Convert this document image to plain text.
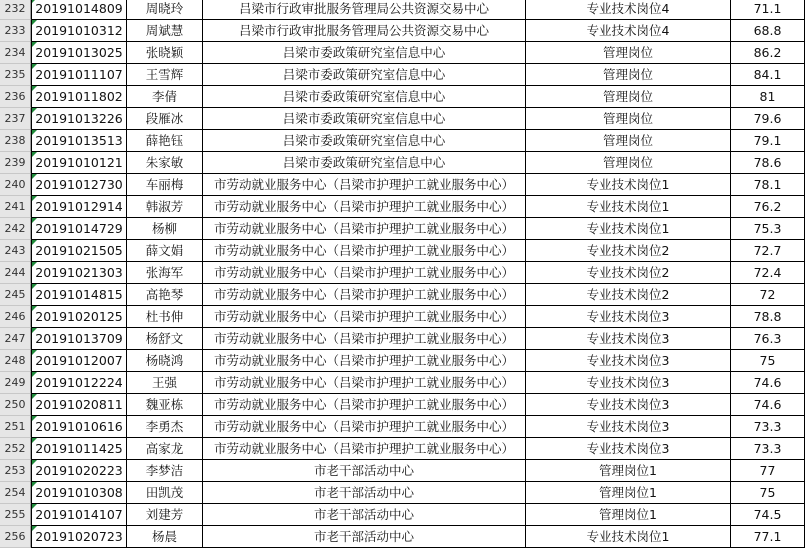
232 20191014809	周晓玲	吕梁市行政审批服务管理局公共资源交易中心	专业技术岗位4	71.1
233 20191010312	周斌慧	吕梁市行政审批服务管理局公共资源交易中心	专业技术岗位4	68.8
234 20191013025	张晓颖	吕梁市委政策研究室信息中心	管理岗位	86.2
235 20191011107	王雪辉	吕梁市委政策研究室信息中心	管理岗位	84.1
236 20191011802	李倩	吕梁市委政策研究室信息中心	管理岗位	81
237 20191013226	段雁冰	吕梁市委政策研究室信息中心	管理岗位	79.6
238 20191013513	薛艳钰	吕梁市委政策研究室信息中心	管理岗位	79.1
239 20191010121	朱家敏	吕梁市委政策研究室信息中心	管理岗位	78.6
240 20191012730	车丽梅	市劳动就业服务中心（吕梁市护理护工就业服务中心）	专业技术岗位1	78.1
241 20191012914	韩淑芳	市劳动就业服务中心（吕梁市护理护工就业服务中心）	专业技术岗位1	76.2
242 20191014729	杨柳	市劳动就业服务中心（吕梁市护理护工就业服务中心）	专业技术岗位1	75.3
243 20191021505	薛文娟	市劳动就业服务中心（吕梁市护理护工就业服务中心）	专业技术岗位2	72.7
244 20191021303	张海军	市劳动就业服务中心（吕梁市护理护工就业服务中心）	专业技术岗位2	72.4
245 20191014815	高艳琴	市劳动就业服务中心（吕梁市护理护工就业服务中心）	专业技术岗位2	72
246 20191020125	杜书伸	市劳动就业服务中心（吕梁市护理护工就业服务中心）	专业技术岗位3	78.8
247 20191013709	杨舒文	市劳动就业服务中心（吕梁市护理护工就业服务中心）	专业技术岗位3	76.3
248 20191012007	杨晓鸿	市劳动就业服务中心（吕梁市护理护工就业服务中心）	专业技术岗位3	75
249 20191012224	王强	市劳动就业服务中心（吕梁市护理护工就业服务中心）	专业技术岗位3	74.6
250 20191020811	魏亚栋	市劳动就业服务中心（吕梁市护理护工就业服务中心）	专业技术岗位3	74.6
251 20191010616	李勇杰	市劳动就业服务中心（吕梁市护理护工就业服务中心）	专业技术岗位3	73.3
252 20191011425	高家龙	市劳动就业服务中心（吕梁市护理护工就业服务中心）	专业技术岗位3	73.3
253 20191020223	李梦洁	市老干部活动中心	管理岗位1	77
254 20191010308	田凯茂	市老干部活动中心	管理岗位1	75
255 20191014107	刘建芳	市老干部活动中心	管理岗位1	74.5
256 20191020723	杨晨	市老干部活动中心	专业技术岗位1	77.1
